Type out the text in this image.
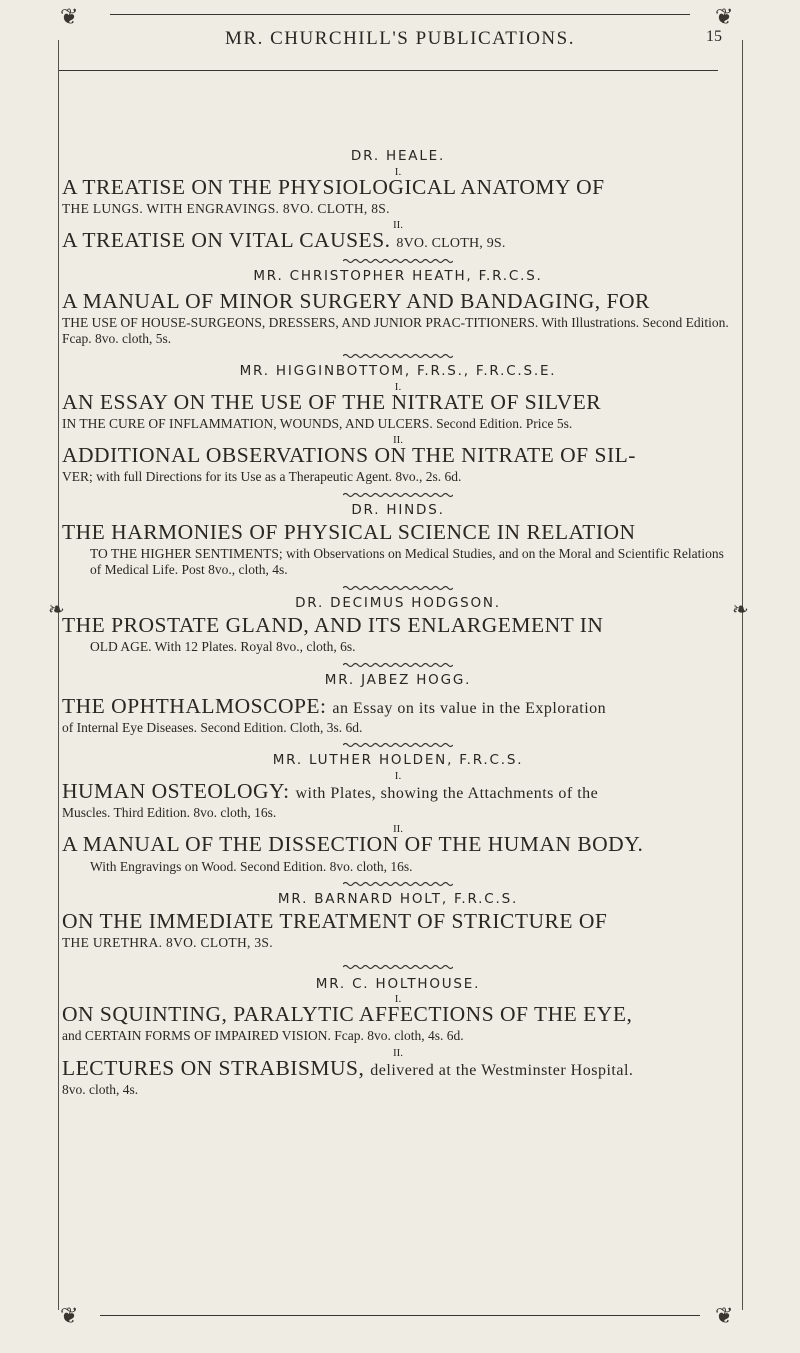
MR. CHURCHILL'S PUBLICATIONS.	15
❦	❦
❦	❦
❧	❧

DR. HEALE.

I.

A TREATISE ON THE PHYSIOLOGICAL ANATOMY OF

THE LUNGS. WITH ENGRAVINGS. 8VO. CLOTH, 8S.

II.

A TREATISE ON VITAL CAUSES. 8VO. CLOTH, 9S.

MR. CHRISTOPHER HEATH, F.R.C.S.

A MANUAL OF MINOR SURGERY AND BANDAGING, FOR

THE USE OF HOUSE-SURGEONS, DRESSERS, AND JUNIOR PRAC-TITIONERS. With Illustrations. Second Edition. Fcap. 8vo. cloth, 5s.

MR. HIGGINBOTTOM, F.R.S., F.R.C.S.E.

I.

AN ESSAY ON THE USE OF THE NITRATE OF SILVER

IN THE CURE OF INFLAMMATION, WOUNDS, AND ULCERS. Second Edition. Price 5s.

II.

ADDITIONAL OBSERVATIONS ON THE NITRATE OF SIL-

VER; with full Directions for its Use as a Therapeutic Agent. 8vo., 2s. 6d.

DR. HINDS.

THE HARMONIES OF PHYSICAL SCIENCE IN RELATION

TO THE HIGHER SENTIMENTS; with Observations on Medical Studies, and on the Moral and Scientific Relations of Medical Life. Post 8vo., cloth, 4s.

DR. DECIMUS HODGSON.

THE PROSTATE GLAND, AND ITS ENLARGEMENT IN

OLD AGE. With 12 Plates. Royal 8vo., cloth, 6s.

MR. JABEZ HOGG.

THE OPHTHALMOSCOPE: an Essay on its value in the Exploration

of Internal Eye Diseases. Second Edition. Cloth, 3s. 6d.

MR. LUTHER HOLDEN, F.R.C.S.

I.

HUMAN OSTEOLOGY: with Plates, showing the Attachments of the

Muscles. Third Edition. 8vo. cloth, 16s.

II.

A MANUAL OF THE DISSECTION OF THE HUMAN BODY.

With Engravings on Wood. Second Edition. 8vo. cloth, 16s.

MR. BARNARD HOLT, F.R.C.S.

ON THE IMMEDIATE TREATMENT OF STRICTURE OF

THE URETHRA. 8VO. CLOTH, 3S.

MR. C. HOLTHOUSE.

I.

ON SQUINTING, PARALYTIC AFFECTIONS OF THE EYE,

and CERTAIN FORMS OF IMPAIRED VISION. Fcap. 8vo. cloth, 4s. 6d.

II.

LECTURES ON STRABISMUS, delivered at the Westminster Hospital.

8vo. cloth, 4s.
